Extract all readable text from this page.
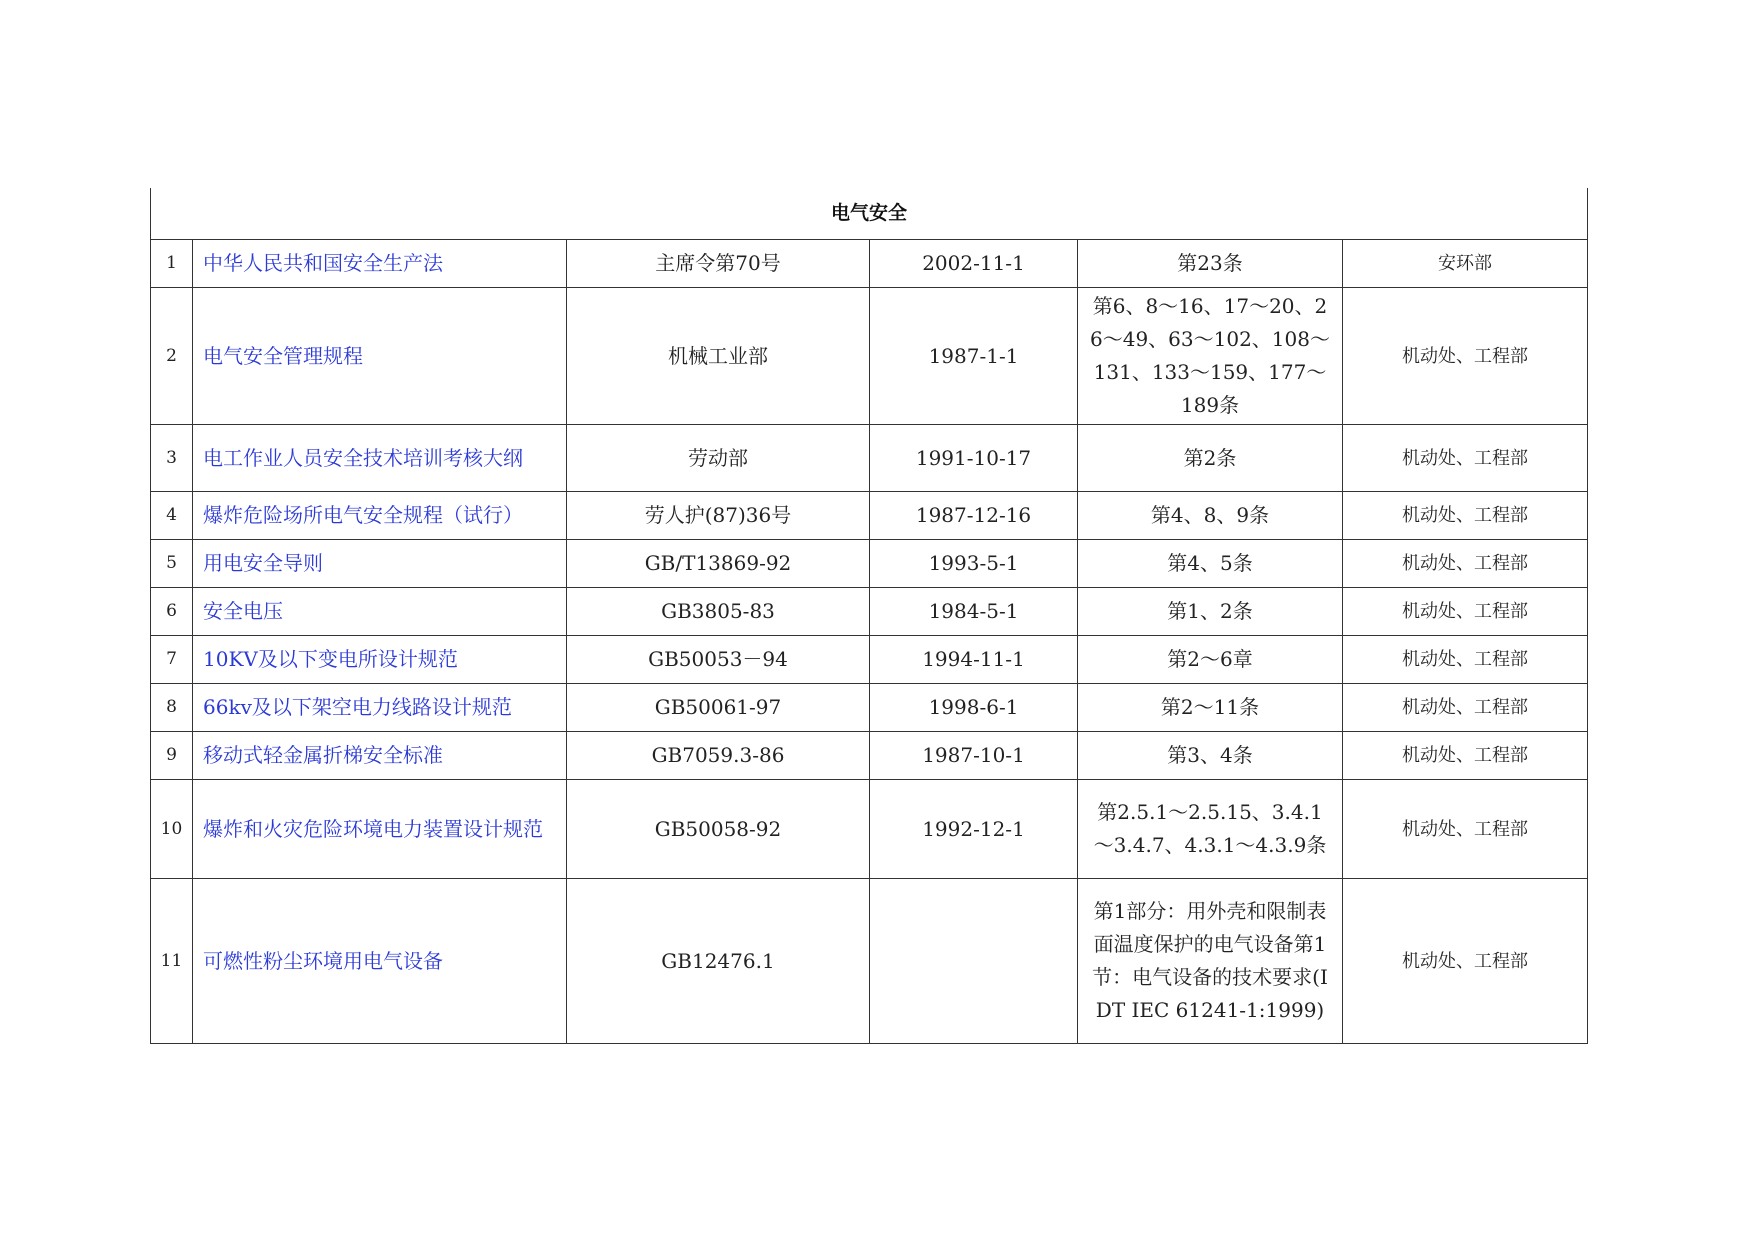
电气安全					
1	中华人民共和国安全生产法	主席令第70号	2002-11-1	第23条	安环部
2	电气安全管理规程	机械工业部	1987-1-1	第6、8～16、17～20、26～49、63～102、108～131、133～159、177～189条	机动处、工程部
3	电工作业人员安全技术培训考核大纲	劳动部	1991-10-17	第2条	机动处、工程部
4	爆炸危险场所电气安全规程（试行）	劳人护(87)36号	1987-12-16	第4、8、9条	机动处、工程部
5	用电安全导则	GB/T13869-92	1993-5-1	第4、5条	机动处、工程部
6	安全电压	GB3805-83	1984-5-1	第1、2条	机动处、工程部
7	10KV及以下变电所设计规范	GB50053－94	1994-11-1	第2～6章	机动处、工程部
8	66kv及以下架空电力线路设计规范	GB50061-97	1998-6-1	第2～11条	机动处、工程部
9	移动式轻金属折梯安全标准	GB7059.3-86	1987-10-1	第3、4条	机动处、工程部
10	爆炸和火灾危险环境电力装置设计规范	GB50058-92	1992-12-1	第2.5.1～2.5.15、3.4.1～3.4.7、4.3.1～4.3.9条	机动处、工程部
11	可燃性粉尘环境用电气设备	GB12476.1		第1部分：用外壳和限制表面温度保护的电气设备第1节：电气设备的技术要求(IDT IEC 61241-1:1999)	机动处、工程部
